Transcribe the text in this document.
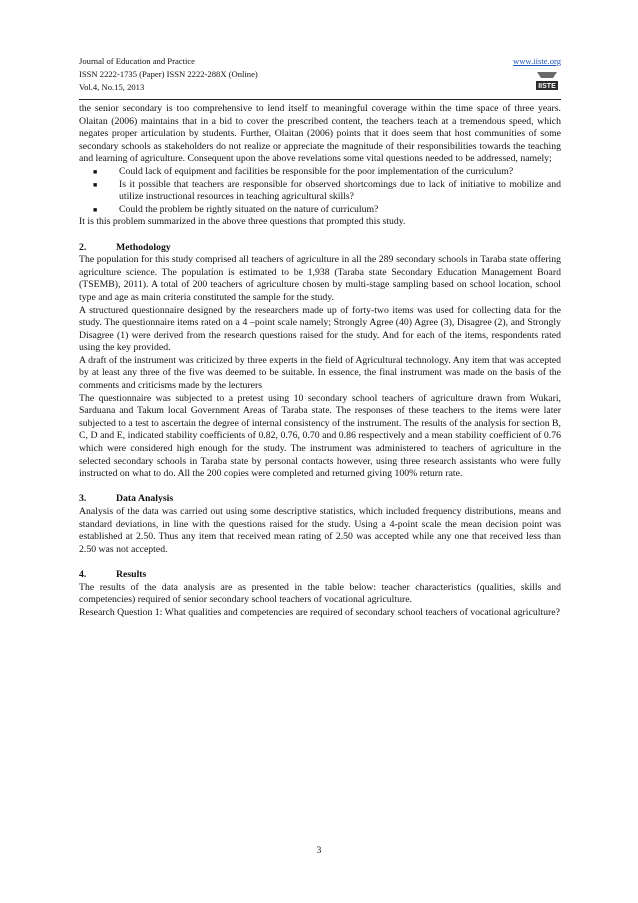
Journal of Education and Practice
ISSN 2222-1735 (Paper) ISSN 2222-288X (Online)
Vol.4, No.15, 2013
www.iiste.org
IISTE

the senior secondary is too comprehensive to lend itself to meaningful coverage within the time space of three years. Olaitan (2006) maintains that in a bid to cover the prescribed content, the teachers teach at a tremendous speed, which negates proper articulation by students. Further, Olaitan (2006) points that it does seem that host communities of some secondary schools as stakeholders do not realize or appreciate the magnitude of their responsibilities towards the teaching and learning of agriculture. Consequent upon the above revelations some vital questions needed to be addressed, namely;

■ Could lack of equipment and facilities be responsible for the poor implementation of the curriculum?
■ Is it possible that teachers are responsible for observed shortcomings due to lack of initiative to mobilize and utilize instructional resources in teaching agricultural skills?
■ Could the problem be rightly situated on the nature of curriculum?

It is this problem summarized in the above three questions that prompted this study.

2.	Methodology

The population for this study comprised all teachers of agriculture in all the 289 secondary schools in Taraba state offering agriculture science. The population is estimated to be 1,938 (Taraba state Secondary Education Management Board (TSEMB), 2011). A total of 200 teachers of agriculture chosen by multi-stage sampling based on school location, school type and age as main criteria constituted the sample for the study.

A structured questionnaire designed by the researchers made up of forty-two items was used for collecting data for the study. The questionnaire items rated on a 4 –point scale namely; Strongly Agree (40) Agree (3), Disagree (2), and Strongly Disagree (1) were derived from the research questions raised for the study. And for each of the items, respondents rated using the key provided.

A draft of the instrument was criticized by three experts in the field of Agricultural technology. Any item that was accepted by at least any three of the five was deemed to be suitable. In essence, the final instrument was made on the basis of the comments and criticisms made by the lecturers

The questionnaire was subjected to a pretest using 10 secondary school teachers of agriculture drawn from Wukari, Sarduana and Takum local Government Areas of Taraba state. The responses of these teachers to the items were later subjected to a test to ascertain the degree of internal consistency of the instrument. The results of the analysis for section B, C, D and E, indicated stability coefficients of 0.82, 0.76, 0.70 and 0.86 respectively and a mean stability coefficient of 0.76 which were considered high enough for the study. The instrument was administered to teachers of agriculture in the selected secondary schools in Taraba state by personal contacts however, using three research assistants who were fully instructed on what to do. All the 200 copies were completed and returned giving 100% return rate.

3.	Data Analysis

Analysis of the data was carried out using some descriptive statistics, which included frequency distributions, means and standard deviations, in line with the questions raised for the study. Using a 4-point scale the mean decision point was established at 2.50. Thus any item that received mean rating of 2.50 was accepted while any one that received less than 2.50 was not accepted.

4.	Results

The results of the data analysis are as presented in the table below: teacher characteristics (qualities, skills and competencies) required of senior secondary school teachers of vocational agriculture.

Research Question 1: What qualities and competencies are required of secondary school teachers of vocational agriculture?

3
